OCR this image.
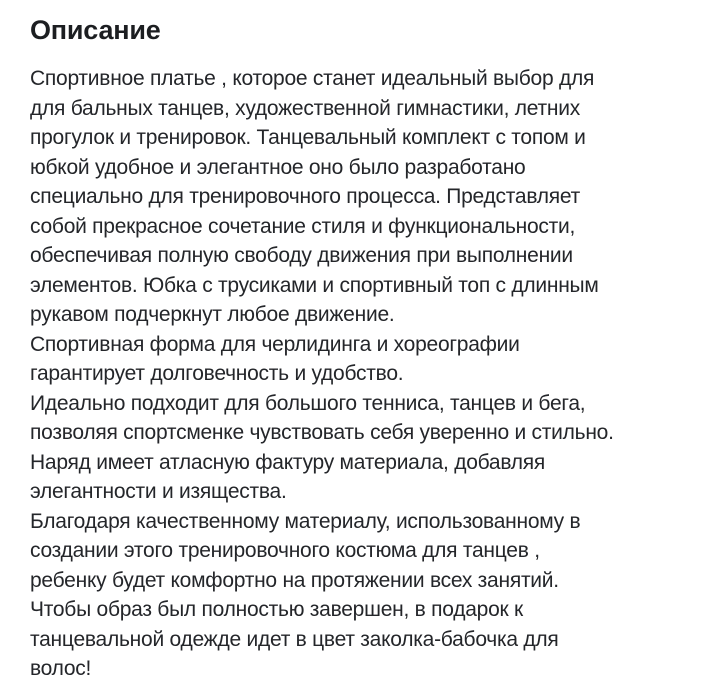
Описание
Спортивное платье , которое станет идеальный выбор для
для бальных танцев, художественной гимнастики, летних
прогулок и тренировок. Танцевальный комплект с топом и
юбкой удобное и элегантное оно было разработано
специально для тренировочного процесса. Представляет
собой прекрасное сочетание стиля и функциональности,
обеспечивая полную свободу движения при выполнении
элементов. Юбка с трусиками и спортивный топ с длинным
рукавом подчеркнут любое движение.
Спортивная форма для черлидинга и хореографии
гарантирует долговечность и удобство.
Идеально подходит для большого тенниса, танцев и бега,
позволяя спортсменке чувствовать себя уверенно и стильно.
Наряд имеет атласную фактуру материала, добавляя
элегантности и изящества.
Благодаря качественному материалу, использованному в
создании этого тренировочного костюма для танцев ,
ребенку будет комфортно на протяжении всех занятий.
Чтобы образ был полностью завершен, в подарок к
танцевальной одежде идет в цвет заколка-бабочка для
волос!
